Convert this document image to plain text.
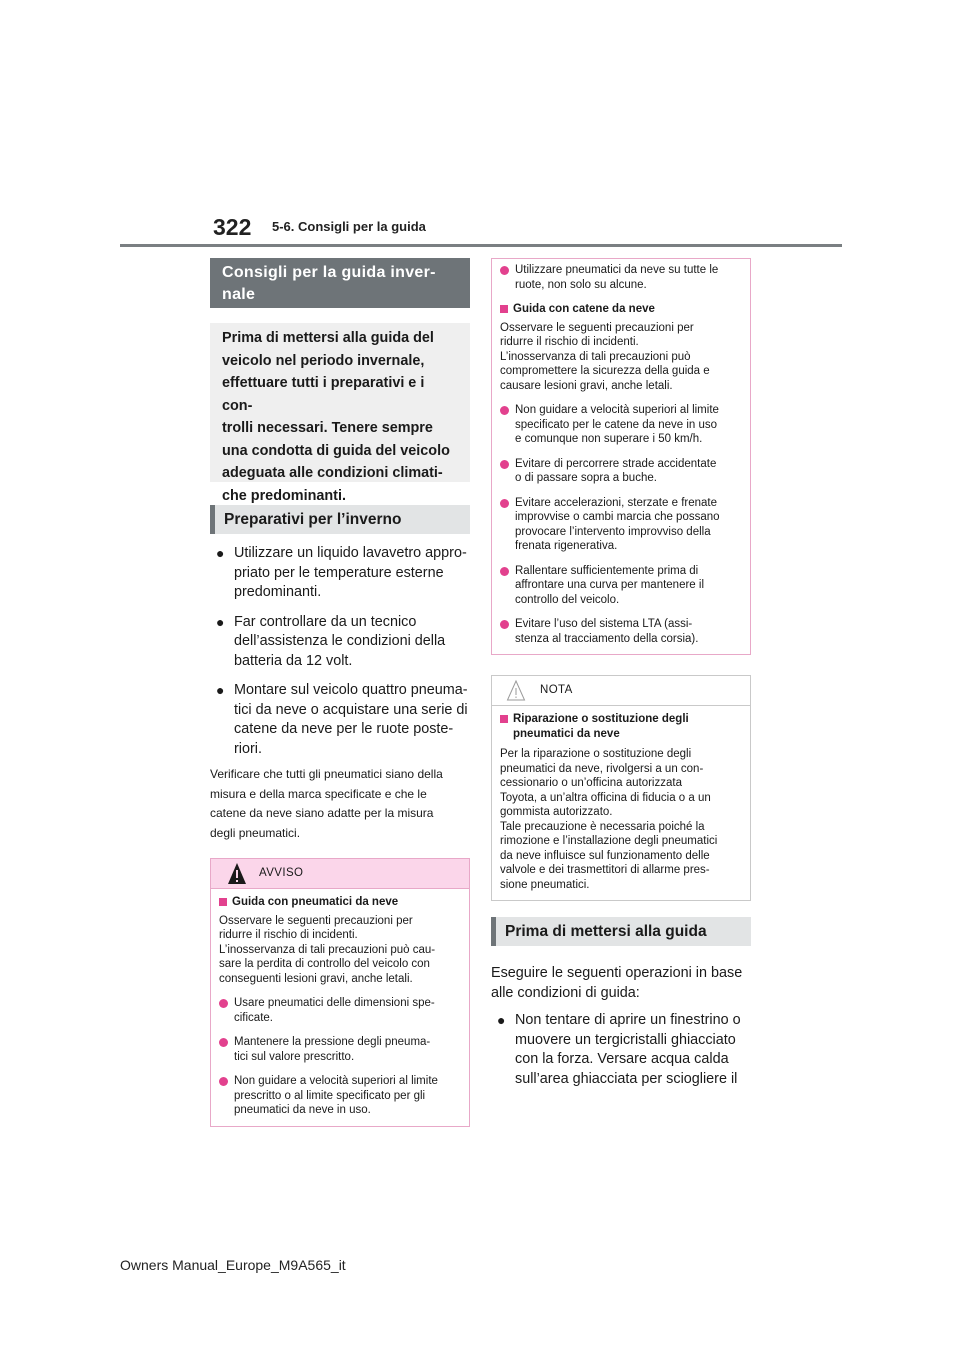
322 5-6. Consigli per la guida
Consigli per la guida inver-
nale
Prima di mettersi alla guida del
veicolo nel periodo invernale,
effettuare tutti i preparativi e i con-
trolli necessari. Tenere sempre
una condotta di guida del veicolo
adeguata alle condizioni climati-
che predominanti.
Preparativi per l’inverno
● Utilizzare un liquido lavavetro appro-
priato per le temperature esterne
predominanti.
● Far controllare da un tecnico
dell’assistenza le condizioni della
batteria da 12 volt.
● Montare sul veicolo quattro pneuma-
tici da neve o acquistare una serie di
catene da neve per le ruote poste-
riori.
Verificare che tutti gli pneumatici siano della
misura e della marca specificate e che le
catene da neve siano adatte per la misura
degli pneumatici.
AVVISO
Guida con pneumatici da neve
Osservare le seguenti precauzioni per
ridurre il rischio di incidenti.
L’inosservanza di tali precauzioni può cau-
sare la perdita di controllo del veicolo con
conseguenti lesioni gravi, anche letali.
Usare pneumatici delle dimensioni spe-
cificate.
Mantenere la pressione degli pneuma-
tici sul valore prescritto.
Non guidare a velocità superiori al limite
prescritto o al limite specificato per gli
pneumatici da neve in uso.
Utilizzare pneumatici da neve su tutte le
ruote, non solo su alcune.
Guida con catene da neve
Osservare le seguenti precauzioni per
ridurre il rischio di incidenti.
L’inosservanza di tali precauzioni può
compromettere la sicurezza della guida e
causare lesioni gravi, anche letali.
Non guidare a velocità superiori al limite
specificato per le catene da neve in uso
e comunque non superare i 50 km/h.
Evitare di percorrere strade accidentate
o di passare sopra a buche.
Evitare accelerazioni, sterzate e frenate
improvvise o cambi marcia che possano
provocare l’intervento improvviso della
frenata rigenerativa.
Rallentare sufficientemente prima di
affrontare una curva per mantenere il
controllo del veicolo.
Evitare l’uso del sistema LTA (assi-
stenza al tracciamento della corsia).
NOTA
Riparazione o sostituzione degli
pneumatici da neve
Per la riparazione o sostituzione degli
pneumatici da neve, rivolgersi a un con-
cessionario o un’officina autorizzata
Toyota, a un’altra officina di fiducia o a un
gommista autorizzato.
Tale precauzione è necessaria poiché la
rimozione e l’installazione degli pneumatici
da neve influisce sul funzionamento delle
valvole e dei trasmettitori di allarme pres-
sione pneumatici.
Prima di mettersi alla guida
Eseguire le seguenti operazioni in base
alle condizioni di guida:
● Non tentare di aprire un finestrino o
muovere un tergicristalli ghiacciato
con la forza. Versare acqua calda
sull’area ghiacciata per sciogliere il
Owners Manual_Europe_M9A565_it
